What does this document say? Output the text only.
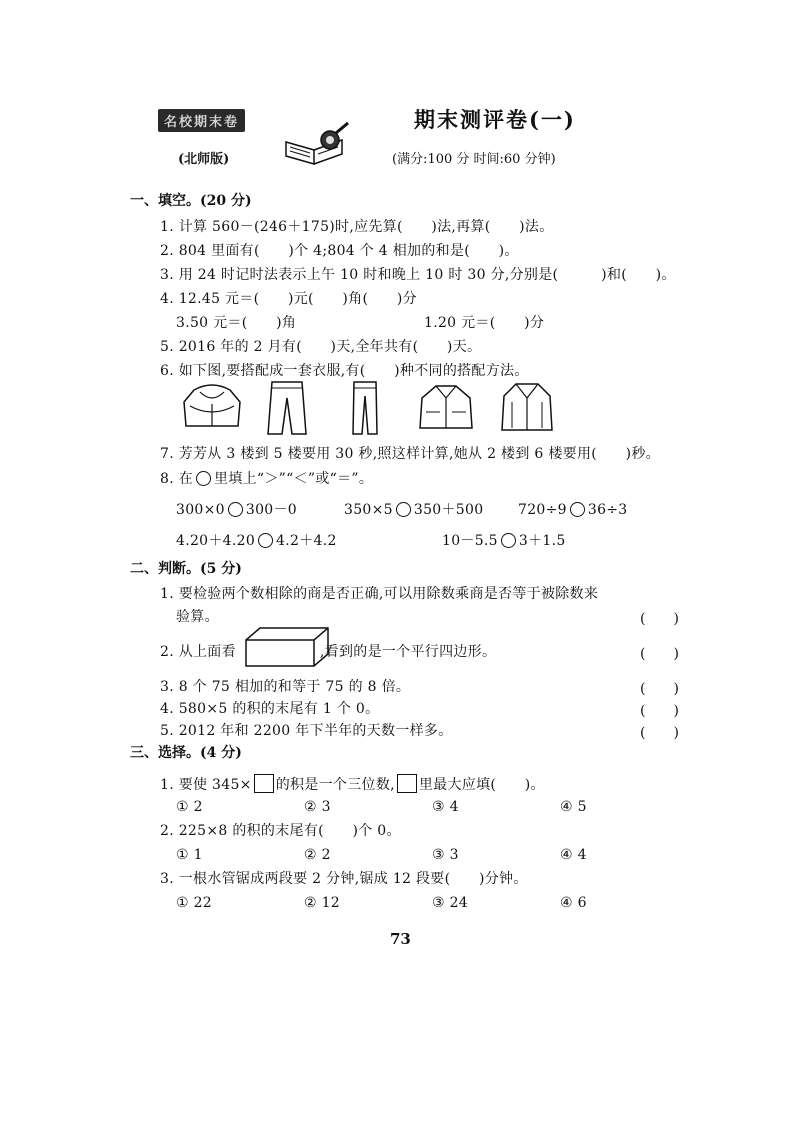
名校期末卷
(北师版)
期末测评卷(一)
(满分:100 分 时间:60 分钟)
一、填空。(20 分)
1. 计算 560－(246＋175)时,应先算(　　)法,再算(　　)法。
2. 804 里面有(　　)个 4;804 个 4 相加的和是(　　)。
3. 用 24 时记时法表示上午 10 时和晚上 10 时 30 分,分别是(　　　)和(　　)。
4. 12.45 元＝(　　)元(　　)角(　　)分
3.50 元＝(　　)角	1.20 元＝(　　)分
5. 2016 年的 2 月有(　　)天,全年共有(　　)天。
6. 如下图,要搭配成一套衣服,有(　　)种不同的搭配方法。
7. 芳芳从 3 楼到 5 楼要用 30 秒,照这样计算,她从 2 楼到 6 楼要用(　　)秒。
8. 在 里填上“＞”“＜”或“＝”。
300×0 300－0	350×5 350＋500 720÷9 36÷3
4.20＋4.20 4.2＋4.2	10－5.5 3＋1.5
二、判断。(5 分)
1. 要检验两个数相除的商是否正确,可以用除数乘商是否等于被除数来
验算。	(　　)
2. 从上面看	,看到的是一个平行四边形。	(　　)
3. 8 个 75 相加的和等于 75 的 8 倍。	(　　)
4. 580×5 的积的末尾有 1 个 0。	(　　)
5. 2012 年和 2200 年下半年的天数一样多。	(　　)
三、选择。(4 分)
1. 要使 345× 的积是一个三位数, 里最大应填(　　)。
① 2	② 3	③ 4	④ 5
2. 225×8 的积的末尾有(　　)个 0。
① 1	② 2	③ 3	④ 4
3. 一根水管锯成两段要 2 分钟,锯成 12 段要(　　)分钟。
① 22	② 12	③ 24	④ 6
73
